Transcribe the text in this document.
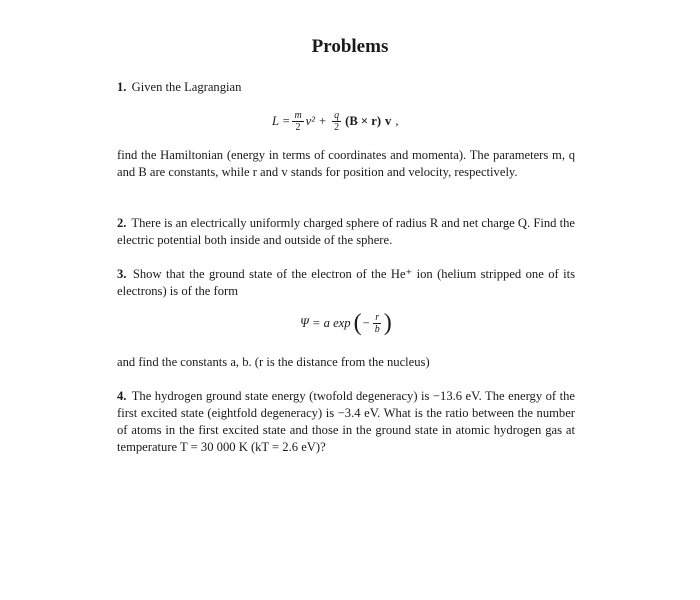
Problems
1. Given the Lagrangian
$L = \frac{m}{2} v^2 + \frac{q}{2} (B \times r)$ v ,
find the Hamiltonian (energy in terms of coordinates and momenta). The parameters m, q and B are constants, while r and v stands for position and velocity, respectively.
2. There is an electrically uniformly charged sphere of radius R and net charge Q. Find the electric potential both inside and outside of the sphere.
3. Show that the ground state of the electron of the He⁺ ion (helium stripped one of its electrons) is of the form
Ψ = a exp ( − $\frac{r}{b}$ )
and find the constants a, b. (r is the distance from the nucleus)
4. The hydrogen ground state energy (twofold degeneracy) is −13.6 eV. The energy of the first excited state (eightfold degeneracy) is −3.4 eV. What is the ratio between the number of atoms in the first excited state and those in the ground state in atomic hydrogen gas at temperature T = 30 000 K (kT = 2.6 eV)?
